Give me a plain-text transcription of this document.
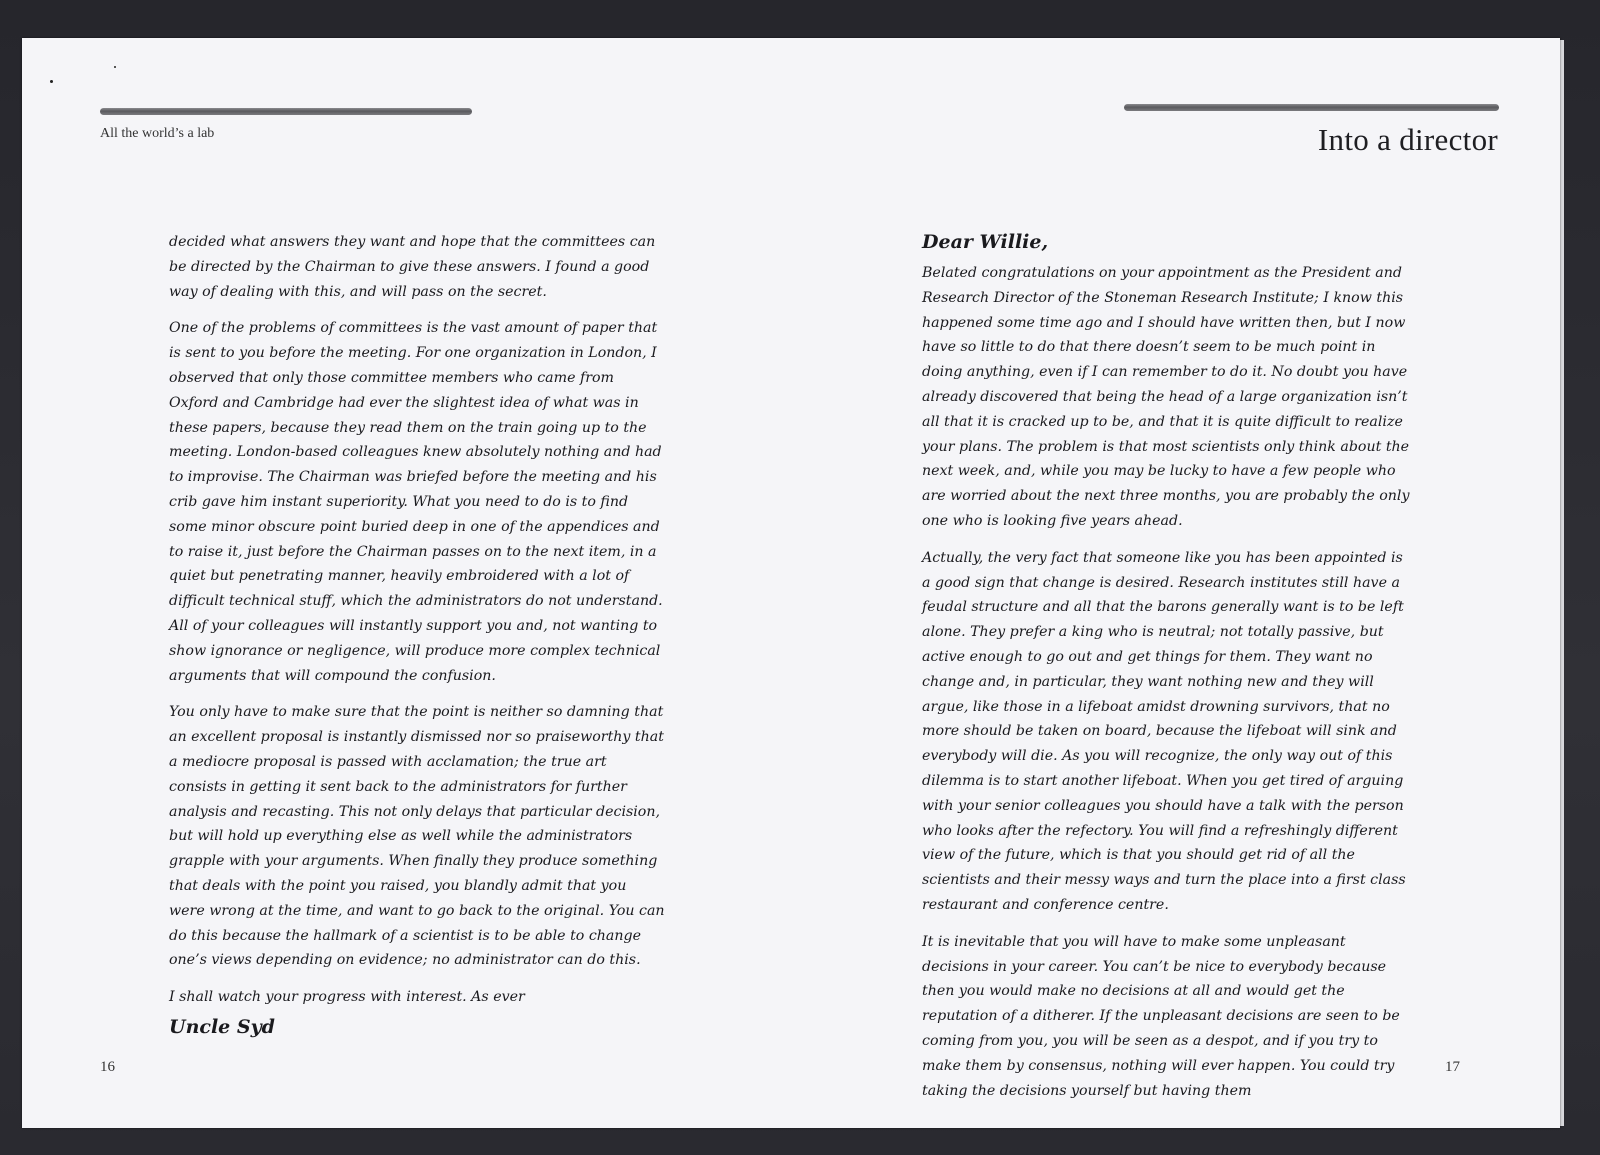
All the world’s a lab

decided what answers they want and hope that the committees can be directed by the Chairman to give these answers. I found a good way of dealing with this, and will pass on the secret.

One of the problems of committees is the vast amount of paper that is sent to you before the meeting. For one organization in London, I observed that only those committee members who came from Oxford and Cambridge had ever the slightest idea of what was in these papers, because they read them on the train going up to the meeting. London-based colleagues knew absolutely nothing and had to improvise. The Chairman was briefed before the meeting and his crib gave him instant superiority. What you need to do is to find some minor obscure point buried deep in one of the appendices and to raise it, just before the Chairman passes on to the next item, in a quiet but penetrating manner, heavily embroidered with a lot of difficult technical stuff, which the administrators do not understand. All of your colleagues will instantly support you and, not wanting to show ignorance or negligence, will produce more complex technical arguments that will compound the confusion.

You only have to make sure that the point is neither so damning that an excellent proposal is instantly dismissed nor so praiseworthy that a mediocre proposal is passed with acclamation; the true art consists in getting it sent back to the administrators for further analysis and recasting. This not only delays that particular decision, but will hold up everything else as well while the administrators grapple with your arguments. When finally they produce something that deals with the point you raised, you blandly admit that you were wrong at the time, and want to go back to the original. You can do this because the hallmark of a scientist is to be able to change one’s views depending on evidence; no administrator can do this.

I shall watch your progress with interest. As ever

Uncle Syd
16
Into a director
Dear Willie,

Belated congratulations on your appointment as the President and Research Director of the Stoneman Research Institute; I know this happened some time ago and I should have written then, but I now have so little to do that there doesn’t seem to be much point in doing anything, even if I can remember to do it. No doubt you have already discovered that being the head of a large organization isn’t all that it is cracked up to be, and that it is quite difficult to realize your plans. The problem is that most scientists only think about the next week, and, while you may be lucky to have a few people who are worried about the next three months, you are probably the only one who is looking five years ahead.

Actually, the very fact that someone like you has been appointed is a good sign that change is desired. Research institutes still have a feudal structure and all that the barons generally want is to be left alone. They prefer a king who is neutral; not totally passive, but active enough to go out and get things for them. They want no change and, in particular, they want nothing new and they will argue, like those in a lifeboat amidst drowning survivors, that no more should be taken on board, because the lifeboat will sink and everybody will die. As you will recognize, the only way out of this dilemma is to start another lifeboat. When you get tired of arguing with your senior colleagues you should have a talk with the person who looks after the refectory. You will find a refreshingly different view of the future, which is that you should get rid of all the scientists and their messy ways and turn the place into a first class restaurant and conference centre.

It is inevitable that you will have to make some unpleasant decisions in your career. You can’t be nice to everybody because then you would make no decisions at all and would get the reputation of a ditherer. If the unpleasant decisions are seen to be coming from you, you will be seen as a despot, and if you try to make them by consensus, nothing will ever happen. You could try taking the decisions yourself but having them

17
